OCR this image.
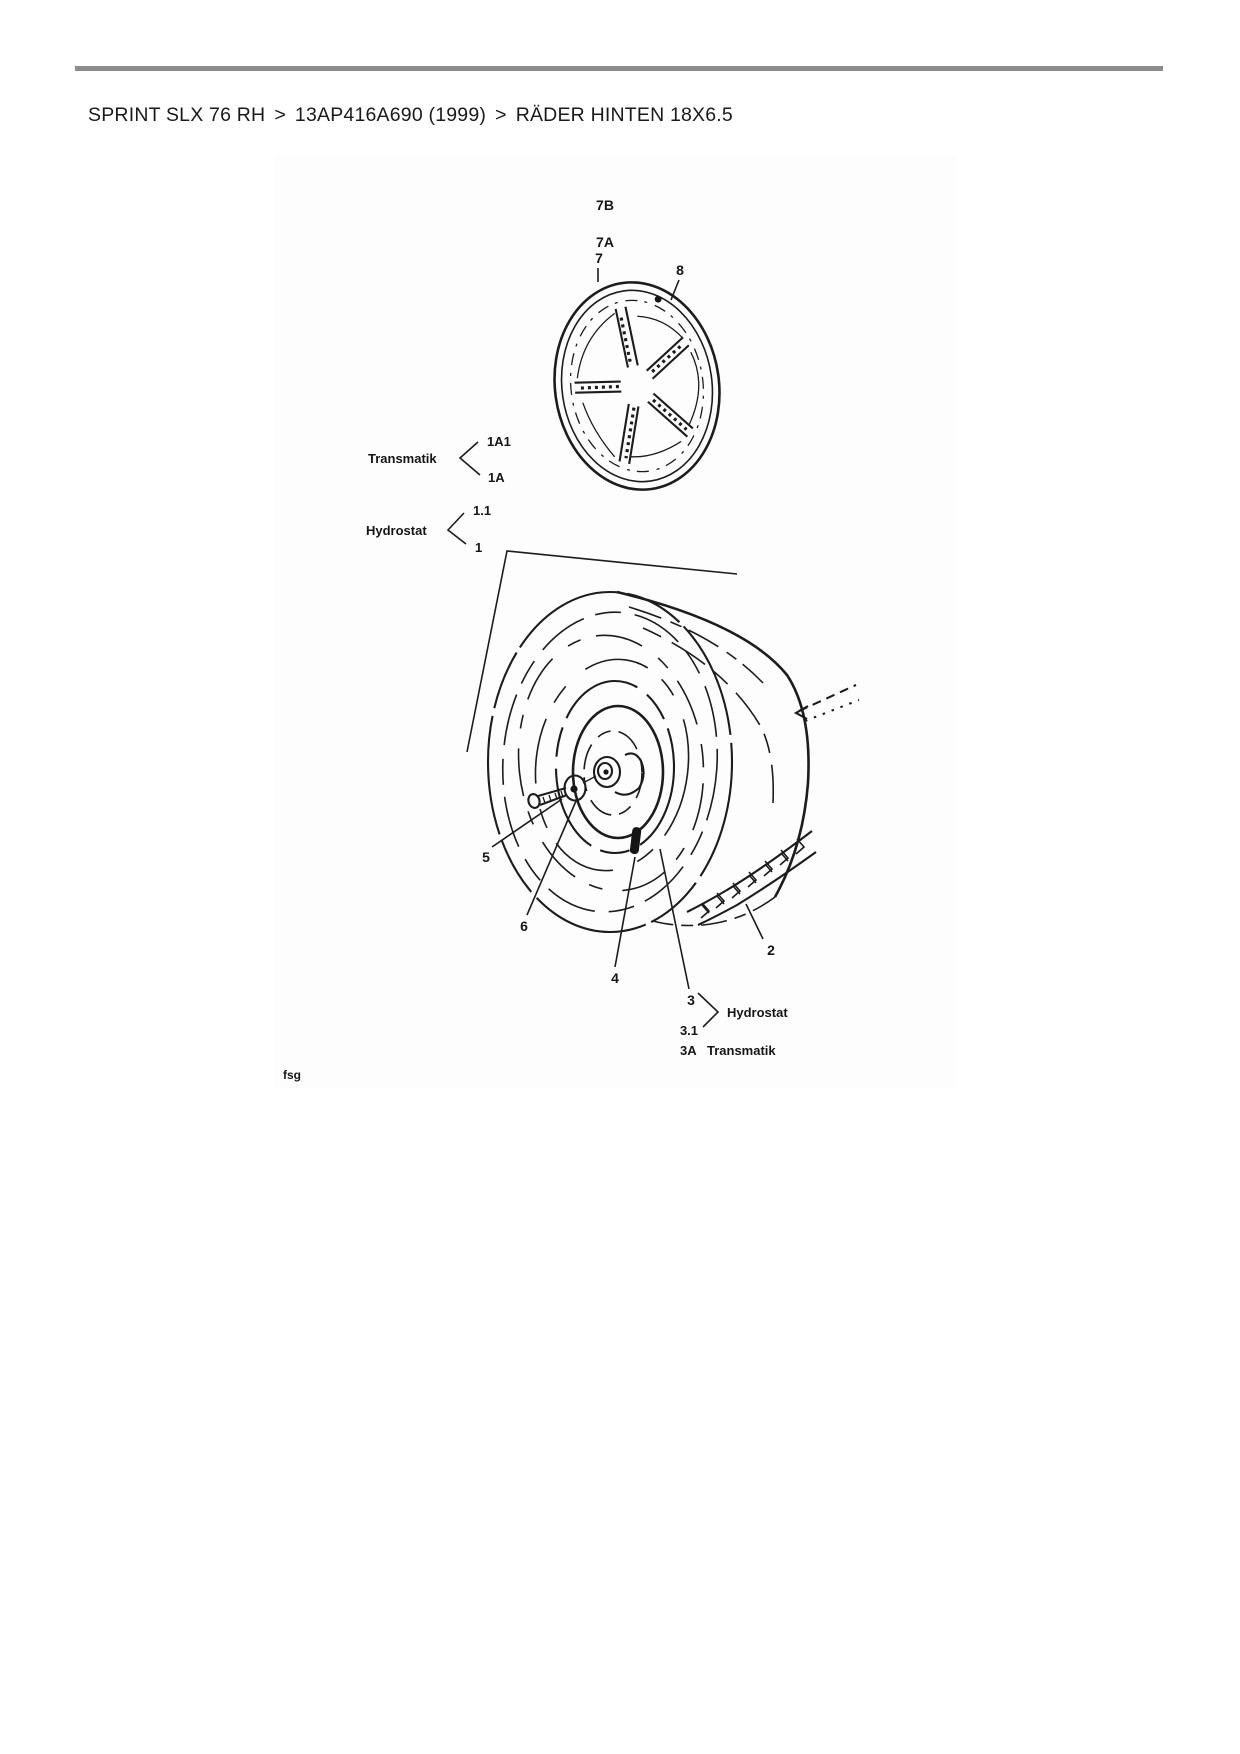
SPRINT SLX 76 RH > 13AP416A690 (1999) > RÄDER HINTEN 18X6.5
7B
7A
7
8
Transmatik
1A1
1A
Hydrostat
1.1
1
5
6
4
3
2
3.1
Hydrostat
3A Transmatik
fsg
